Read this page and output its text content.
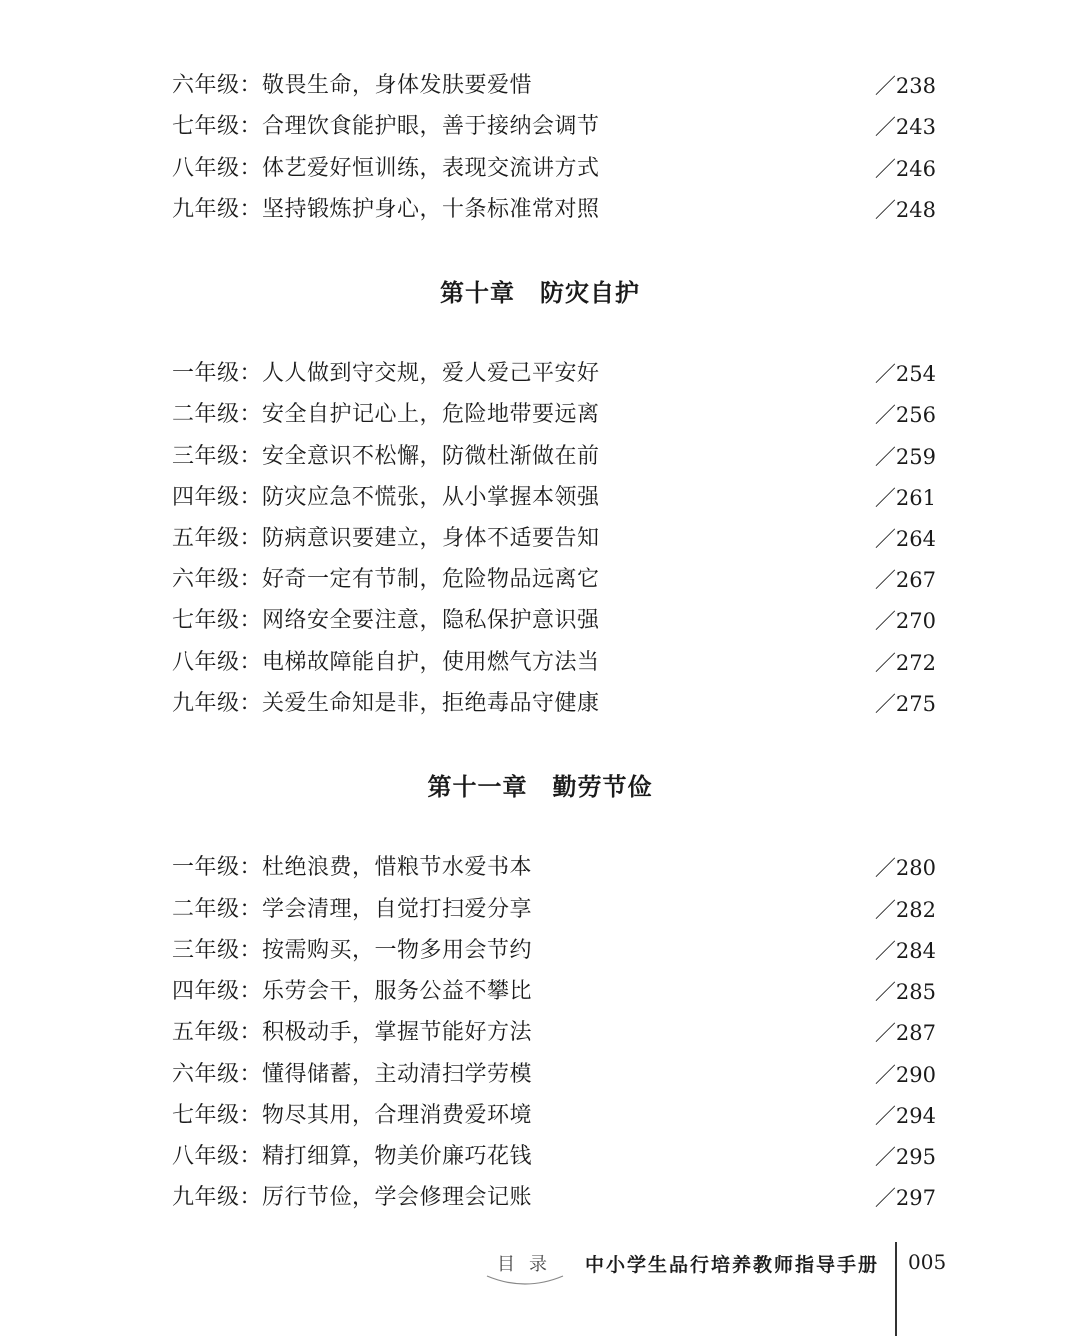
六年级：敬畏生命，身体发肤要爱惜	／238
七年级：合理饮食能护眼，善于接纳会调节	／243
八年级：体艺爱好恒训练，表现交流讲方式	／246
九年级：坚持锻炼护身心，十条标准常对照	／248
第十章　防灾自护
一年级：人人做到守交规，爱人爱己平安好	／254
二年级：安全自护记心上，危险地带要远离	／256
三年级：安全意识不松懈，防微杜渐做在前	／259
四年级：防灾应急不慌张，从小掌握本领强	／261
五年级：防病意识要建立，身体不适要告知	／264
六年级：好奇一定有节制，危险物品远离它	／267
七年级：网络安全要注意，隐私保护意识强	／270
八年级：电梯故障能自护，使用燃气方法当	／272
九年级：关爱生命知是非，拒绝毒品守健康	／275
第十一章　勤劳节俭
一年级：杜绝浪费，惜粮节水爱书本	／280
二年级：学会清理，自觉打扫爱分享	／282
三年级：按需购买，一物多用会节约	／284
四年级：乐劳会干，服务公益不攀比	／285
五年级：积极动手，掌握节能好方法	／287
六年级：懂得储蓄，主动清扫学劳模	／290
七年级：物尽其用，合理消费爱环境	／294
八年级：精打细算，物美价廉巧花钱	／295
九年级：厉行节俭，学会修理会记账	／297
目录 中小学生品行培养教师指导手册 005
